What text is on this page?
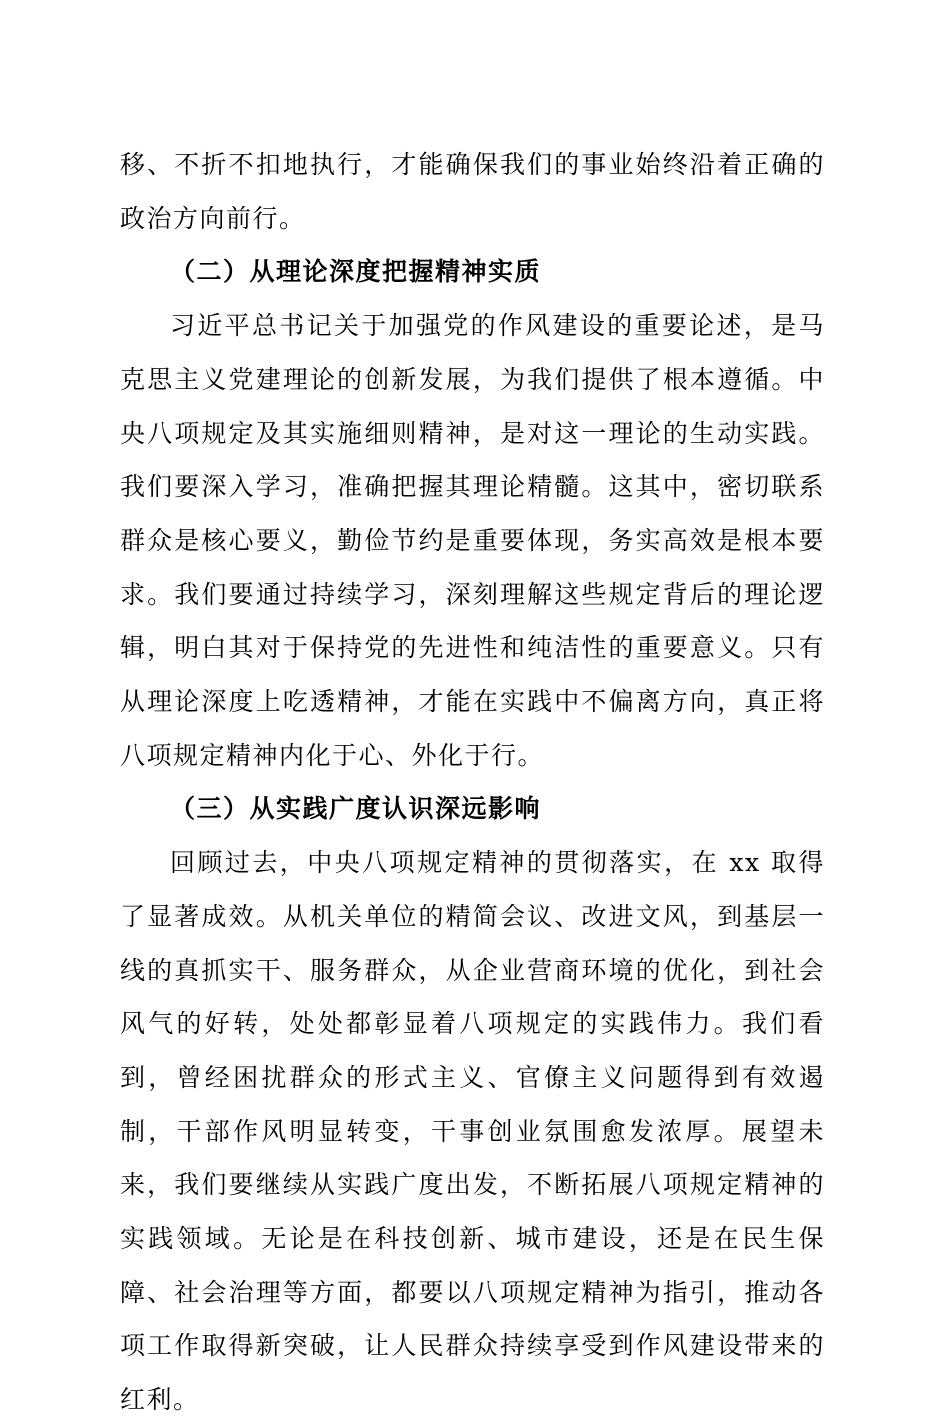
移、不折不扣地执行，才能确保我们的事业始终沿着正确的政治方向前行。

（二）从理论深度把握精神实质

习近平总书记关于加强党的作风建设的重要论述，是马克思主义党建理论的创新发展，为我们提供了根本遵循。中央八项规定及其实施细则精神，是对这一理论的生动实践。我们要深入学习，准确把握其理论精髓。这其中，密切联系群众是核心要义，勤俭节约是重要体现，务实高效是根本要求。我们要通过持续学习，深刻理解这些规定背后的理论逻辑，明白其对于保持党的先进性和纯洁性的重要意义。只有从理论深度上吃透精神，才能在实践中不偏离方向，真正将八项规定精神内化于心、外化于行。

（三）从实践广度认识深远影响

回顾过去，中央八项规定精神的贯彻落实，在 xx 取得了显著成效。从机关单位的精简会议、改进文风，到基层一线的真抓实干、服务群众，从企业营商环境的优化，到社会风气的好转，处处都彰显着八项规定的实践伟力。我们看到，曾经困扰群众的形式主义、官僚主义问题得到有效遏制，干部作风明显转变，干事创业氛围愈发浓厚。展望未来，我们要继续从实践广度出发，不断拓展八项规定精神的实践领域。无论是在科技创新、城市建设，还是在民生保障、社会治理等方面，都要以八项规定精神为指引，推动各项工作取得新突破，让人民群众持续享受到作风建设带来的红利。
